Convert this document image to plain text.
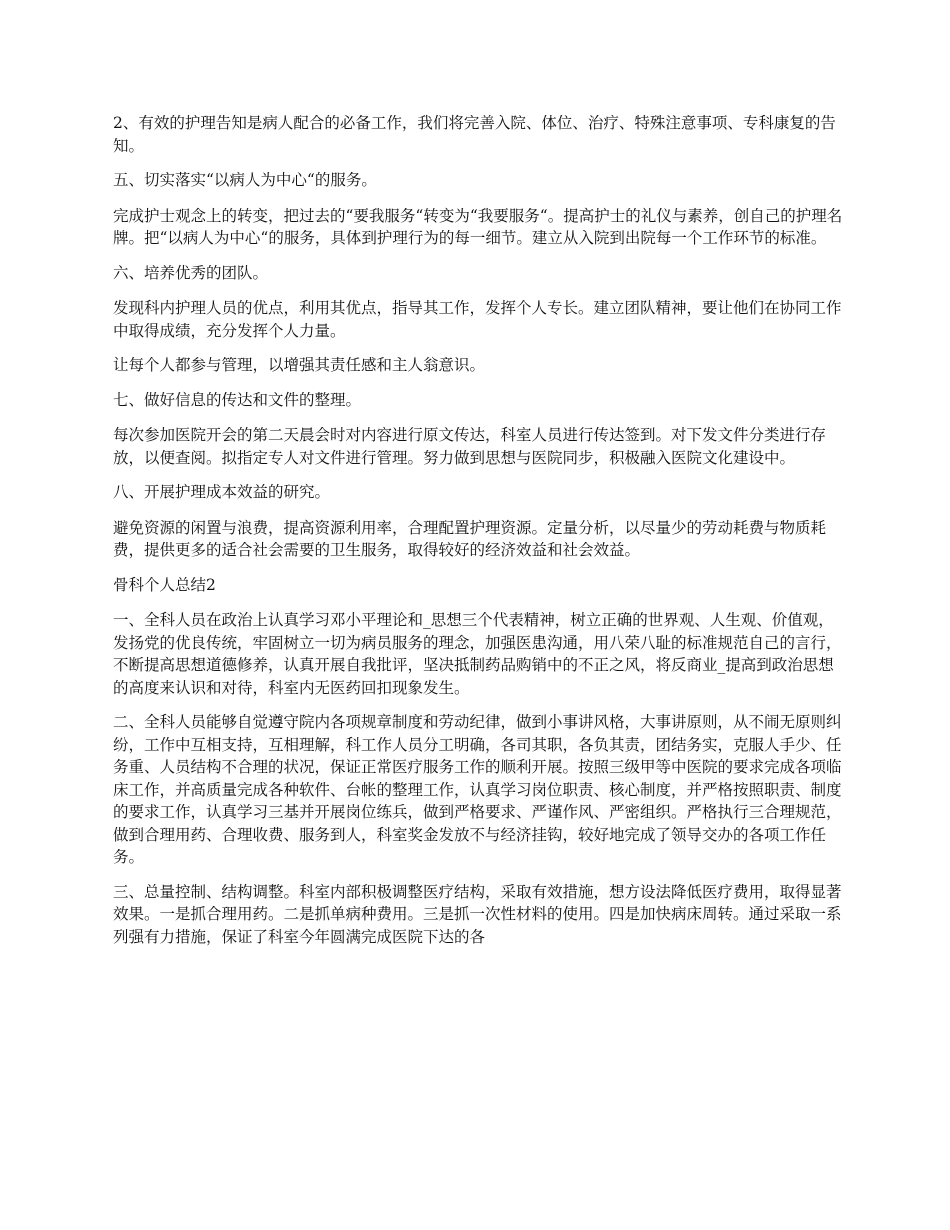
2、有效的护理告知是病人配合的必备工作，我们将完善入院、体位、治疗、特殊注意事项、专科康复的告知。

五、切实落实“以病人为中心“的服务。

完成护士观念上的转变，把过去的“要我服务“转变为“我要服务“。提高护士的礼仪与素养，创自己的护理名牌。把“以病人为中心“的服务，具体到护理行为的每一细节。建立从入院到出院每一个工作环节的标准。

六、培养优秀的团队。

发现科内护理人员的优点，利用其优点，指导其工作，发挥个人专长。建立团队精神，要让他们在协同工作中取得成绩，充分发挥个人力量。

让每个人都参与管理，以增强其责任感和主人翁意识。

七、做好信息的传达和文件的整理。

每次参加医院开会的第二天晨会时对内容进行原文传达，科室人员进行传达签到。对下发文件分类进行存放，以便查阅。拟指定专人对文件进行管理。努力做到思想与医院同步，积极融入医院文化建设中。

八、开展护理成本效益的研究。

避免资源的闲置与浪费，提高资源利用率，合理配置护理资源。定量分析，以尽量少的劳动耗费与物质耗费，提供更多的适合社会需要的卫生服务，取得较好的经济效益和社会效益。

骨科个人总结2

一、全科人员在政治上认真学习邓小平理论和_思想三个代表精神，树立正确的世界观、人生观、价值观，发扬党的优良传统，牢固树立一切为病员服务的理念，加强医患沟通，用八荣八耻的标准规范自己的言行，不断提高思想道德修养，认真开展自我批评，坚决抵制药品购销中的不正之风，将反商业_提高到政治思想的高度来认识和对待，科室内无医药回扣现象发生。

二、全科人员能够自觉遵守院内各项规章制度和劳动纪律，做到小事讲风格，大事讲原则，从不闹无原则纠纷，工作中互相支持，互相理解，科工作人员分工明确，各司其职，各负其责，团结务实，克服人手少、任务重、人员结构不合理的状况，保证正常医疗服务工作的顺利开展。按照三级甲等中医院的要求完成各项临床工作，并高质量完成各种软件、台帐的整理工作，认真学习岗位职责、核心制度，并严格按照职责、制度的要求工作，认真学习三基并开展岗位练兵，做到严格要求、严谨作风、严密组织。严格执行三合理规范，做到合理用药、合理收费、服务到人，科室奖金发放不与经济挂钩，较好地完成了领导交办的各项工作任务。

三、总量控制、结构调整。科室内部积极调整医疗结构，采取有效措施，想方设法降低医疗费用，取得显著效果。一是抓合理用药。二是抓单病种费用。三是抓一次性材料的使用。四是加快病床周转。通过采取一系列强有力措施，保证了科室今年圆满完成医院下达的各
